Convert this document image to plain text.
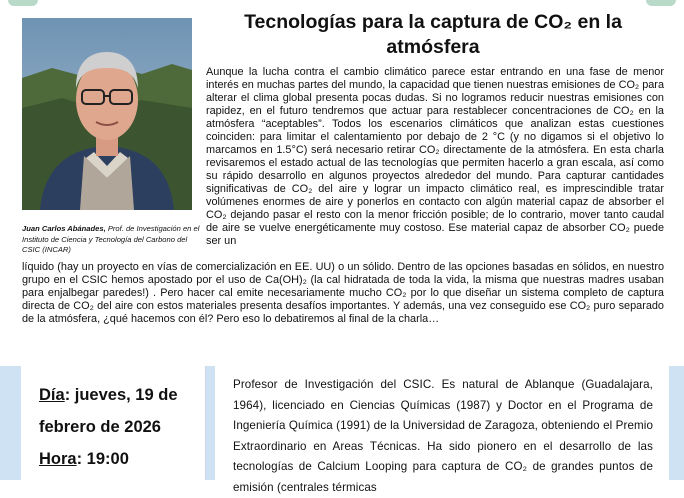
Juan Carlos Abánades, Prof. de Investigación en el Instituto de Ciencia y Tecnología del Carbono del CSIC (INCAR)
Tecnologías para la captura de CO₂ en la
atmósfera

Aunque la lucha contra el cambio climático parece estar entrando en una fase de menor interés en muchas partes del mundo, la capacidad que tienen nuestras emisiones de CO₂ para alterar el clima global presenta pocas dudas. Si no logramos reducir nuestras emisiones con rapidez, en el futuro tendremos que actuar para restablecer concentraciones de CO₂ en la atmósfera “aceptables”. Todos los escenarios climáticos que analizan estas cuestiones coinciden: para limitar el calentamiento por debajo de 2 °C (y no digamos si el objetivo lo marcamos en 1.5°C) será necesario retirar CO₂ directamente de la atmósfera. En esta charla revisaremos el estado actual de las tecnologías que permiten hacerlo a gran escala, así como su rápido desarrollo en algunos proyectos alrededor del mundo. Para capturar cantidades significativas de CO₂ del aire y lograr un impacto climático real, es imprescindible tratar volúmenes enormes de aire y ponerlos en contacto con algún material capaz de absorber el CO₂ dejando pasar el resto con la menor fricción posible; de lo contrario, mover tanto caudal de aire se vuelve energéticamente muy costoso. Ese material capaz de absorber CO₂ puede ser un

líquido (hay un proyecto en vías de comercialización en EE. UU) o un sólido. Dentro de las opciones basadas en sólidos, en nuestro grupo en el CSIC hemos apostado por el uso de Ca(OH)₂ (la cal hidratada de toda la vida, la misma que nuestras madres usaban para enjalbegar paredes!) . Pero hacer cal emite necesariamente mucho CO₂ por lo que diseñar un sistema completo de captura directa de CO₂ del aire con estos materiales presenta desafíos importantes. Y además, una vez conseguido ese CO₂ puro separado de la atmósfera, ¿qué hacemos con él? Pero eso lo debatiremos al final de la charla…

Día: jueves, 19 de
febrero de 2026
Hora: 19:00

Profesor de Investigación del CSIC. Es natural de Ablanque (Guadalajara, 1964), licenciado en Ciencias Químicas (1987) y Doctor en el Programa de Ingeniería Química (1991) de la Universidad de Zaragoza, obteniendo el Premio Extraordinario en Areas Técnicas. Ha sido pionero en el desarrollo de las tecnologías de Calcium Looping para captura de CO₂ de grandes puntos de emisión (centrales térmicas
